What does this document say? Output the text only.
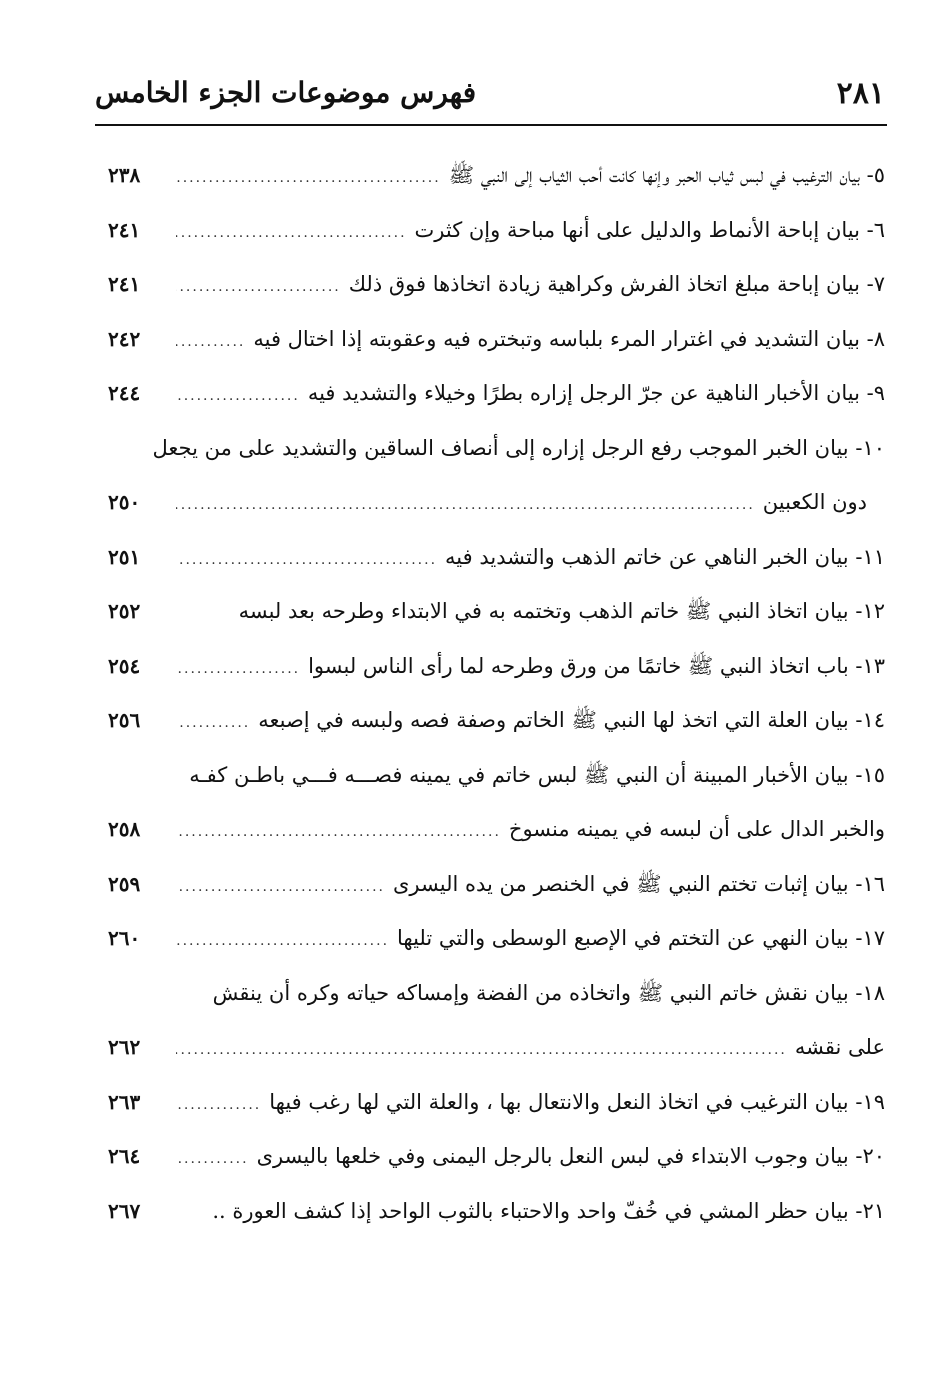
٢٨١
فهرس موضوعات الجزء الخامس
٥- بيان الترغيب في لبس ثياب الحبر وإنها كانت أحب الثياب إلى النبي ﷺ
.....
٢٣٨
٦- بيان إباحة الأنماط والدليل على أنها مباحة وإن كثرت
.....
٢٤١
٧- بيان إباحة مبلغ اتخاذ الفرش وكراهية زيادة اتخاذها فوق ذلك
.....
٢٤١
٨- بيان التشديد في اغترار المرء بلباسه وتبختره فيه وعقوبته إذا اختال فيه
.....
٢٤٢
٩- بيان الأخبار الناهية عن جرّ الرجل إزاره بطرًا وخيلاء والتشديد فيه
.....
٢٤٤
١٠- بيان الخبر الموجب رفع الرجل إزاره إلى أنصاف الساقين والتشديد على من يجعل
دون الكعبين
.....
٢٥٠
١١- بيان الخبر الناهي عن خاتم الذهب والتشديد فيه
.....
٢٥١
١٢- بيان اتخاذ النبي ﷺ خاتم الذهب وتختمه به في الابتداء وطرحه بعد لبسه
٢٥٢
١٣- باب اتخاذ النبي ﷺ خاتمًا من ورق وطرحه لما رأى الناس لبسوا
.....
٢٥٤
١٤- بيان العلة التي اتخذ لها النبي ﷺ الخاتم وصفة فصه ولبسه في إصبعه
.....
٢٥٦
١٥- بيان الأخبار المبينة أن النبي ﷺ لبس خاتم في يمينه فصـــه فـــي باطـن كفـه
والخبر الدال على أن لبسه في يمينه منسوخ
.....
٢٥٨
١٦- بيان إثبات تختم النبي ﷺ في الخنصر من يده اليسرى
.....
٢٥٩
١٧- بيان النهي عن التختم في الإصبع الوسطى والتي تليها
.....
٢٦٠
١٨- بيان نقش خاتم النبي ﷺ واتخاذه من الفضة وإمساكه حياته وكره أن ينقش
على نقشه
.....
٢٦٢
١٩- بيان الترغيب في اتخاذ النعل والانتعال بها ، والعلة التي لها رغب فيها
.....
٢٦٣
٢٠- بيان وجوب الابتداء في لبس النعل بالرجل اليمنى وفي خلعها باليسرى
.....
٢٦٤
٢١- بيان حظر المشي في خُفّ واحد والاحتباء بالثوب الواحد إذا كشف العورة ..
٢٦٧
